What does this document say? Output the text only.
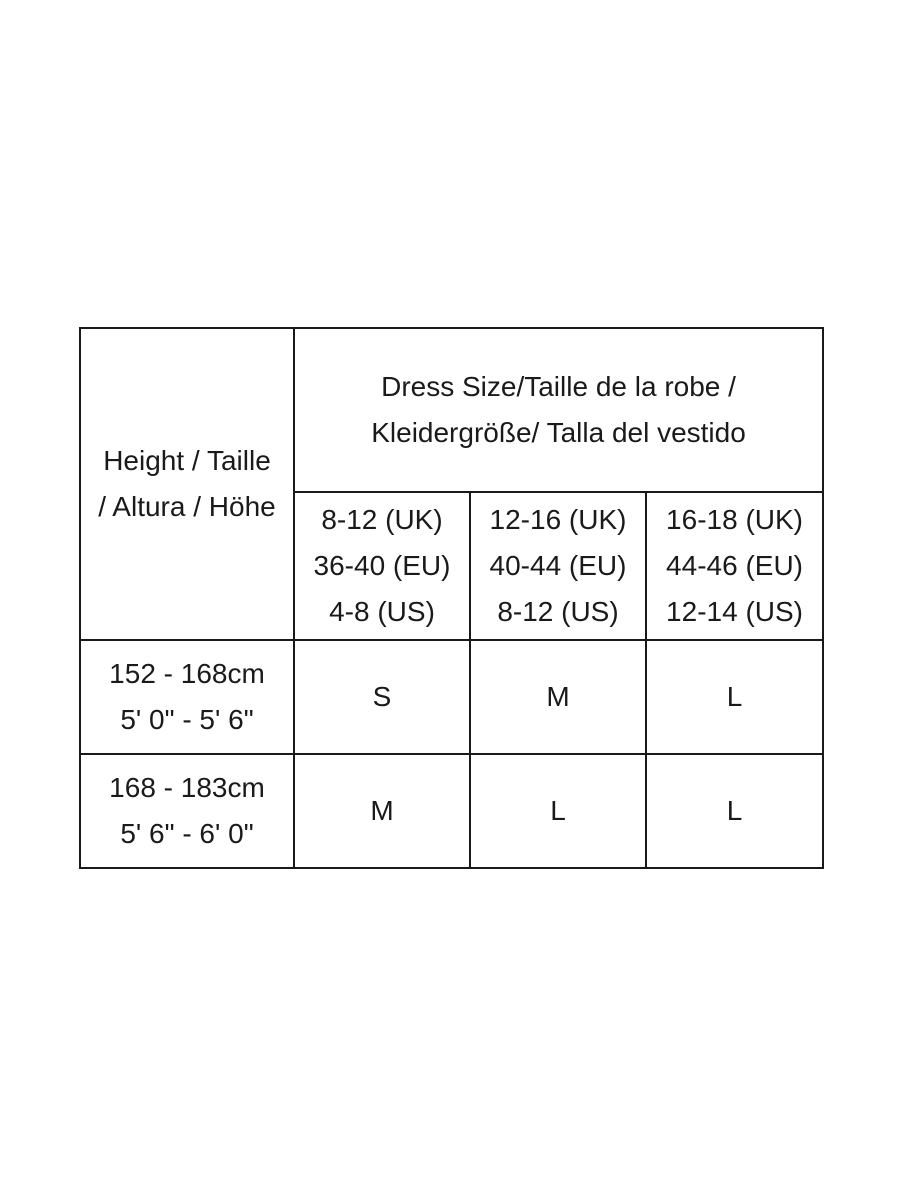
Height / Taille
/ Altura / Höhe	Dress Size/Taille de la robe /
Kleidergröße/ Talla del vestido		

	8-12 (UK)
36-40 (EU)
4-8 (US)	12-16 (UK)
40-44 (EU)
8-12 (US)	16-18 (UK)
44-46 (EU)
12-14 (US)

152 - 168cm
5' 0" - 5' 6"	S	M	L

168 - 183cm
5' 6" - 6' 0"	M	L	L
